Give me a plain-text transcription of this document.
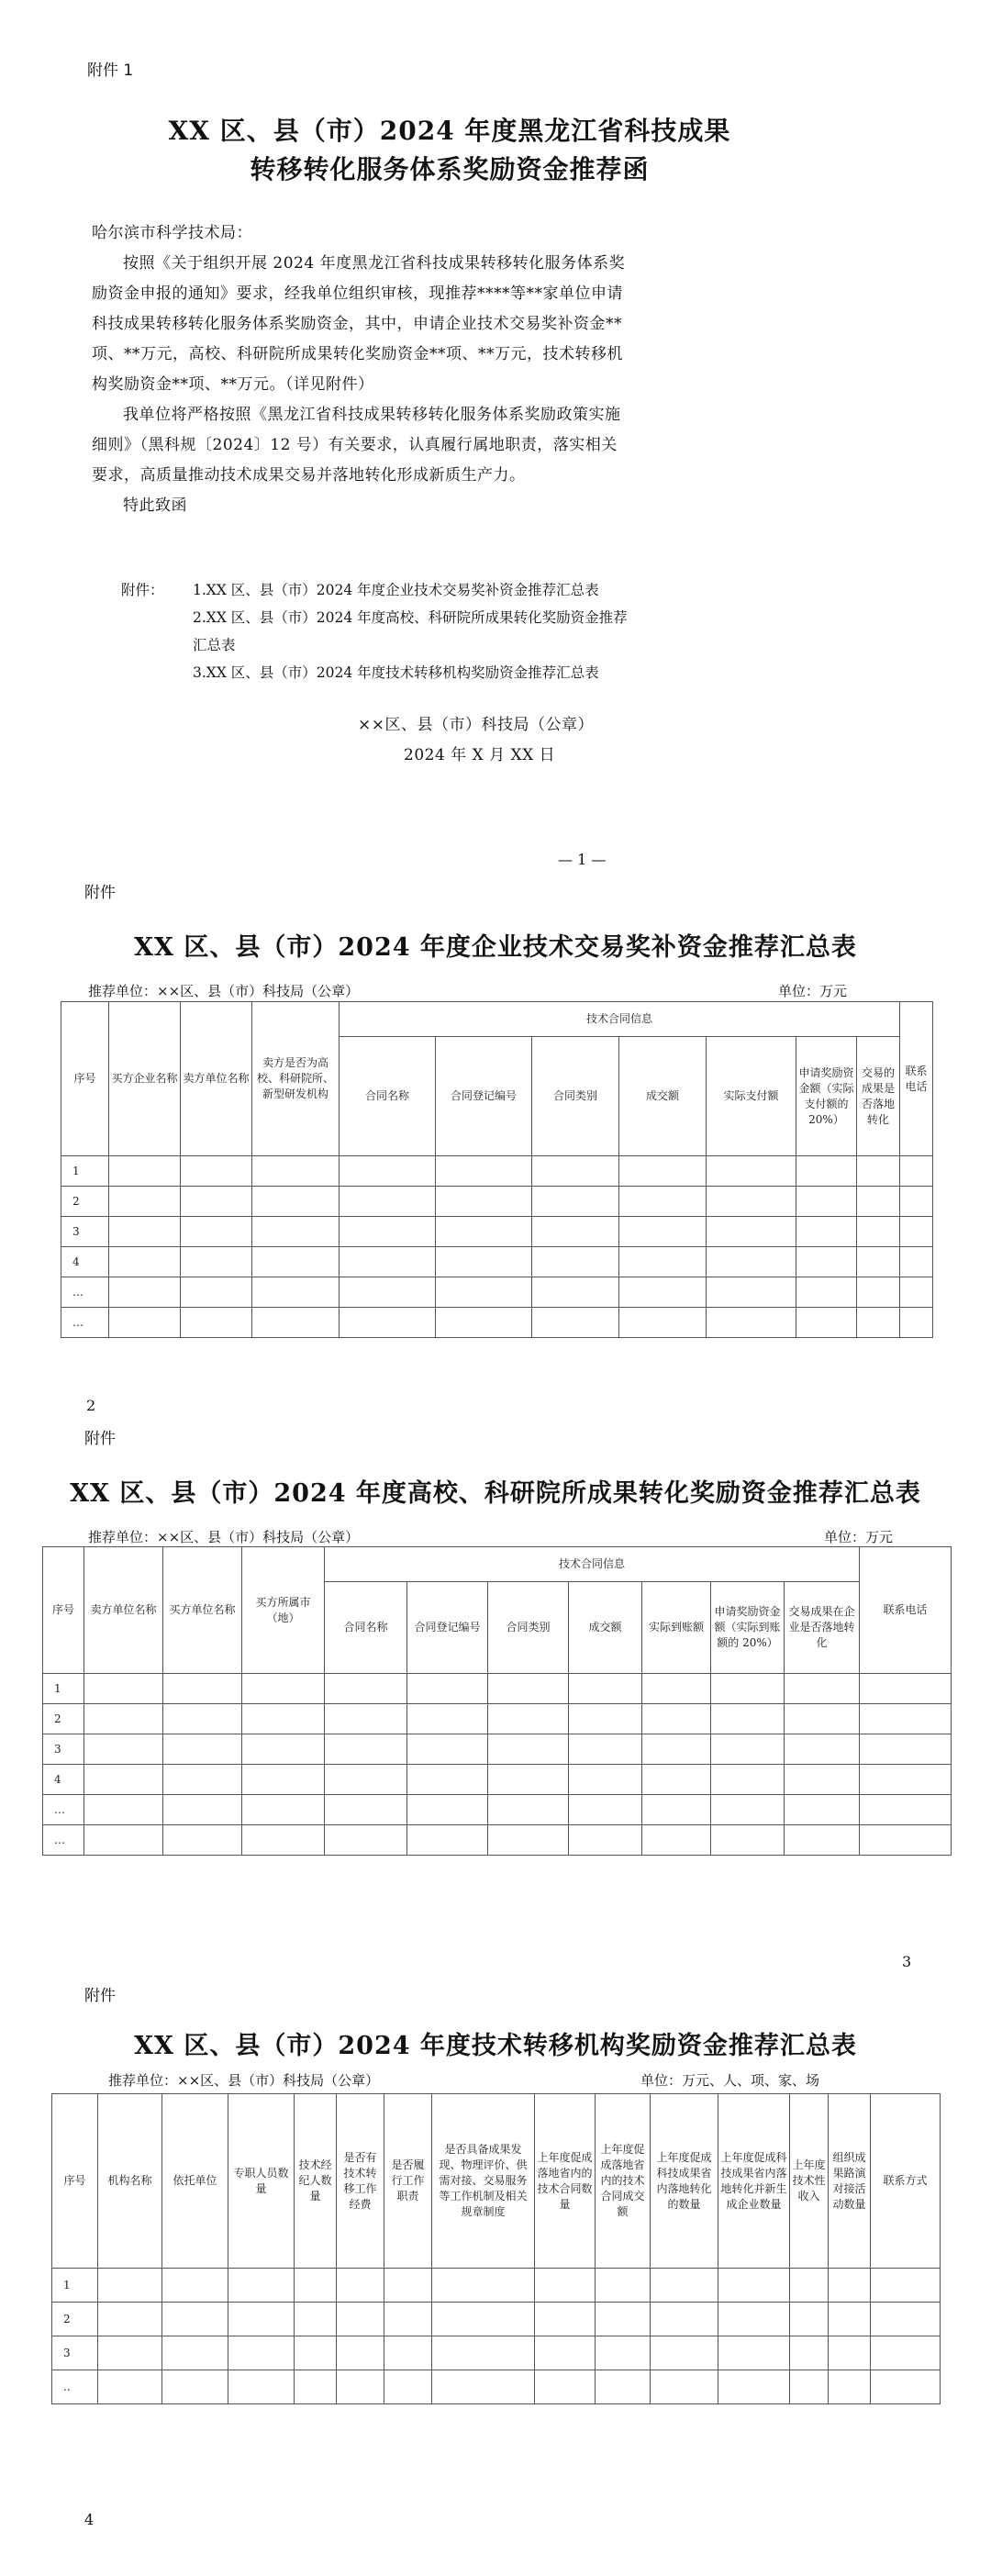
附件 1
XX 区、县（市）2024 年度黑龙江省科技成果
转移转化服务体系奖励资金推荐函

哈尔滨市科学技术局：

按照《关于组织开展 2024 年度黑龙江省科技成果转移转化服务体系奖励资金申报的通知》要求，经我单位组织审核，现推荐****等**家单位申请科技成果转移转化服务体系奖励资金，其中，申请企业技术交易奖补资金**项、**万元，高校、科研院所成果转化奖励资金**项、**万元，技术转移机构奖励资金**项、**万元。（详见附件）

我单位将严格按照《黑龙江省科技成果转移转化服务体系奖励政策实施细则》（黑科规〔2024〕12 号）有关要求，认真履行属地职责，落实相关要求，高质量推动技术成果交易并落地转化形成新质生产力。

特此致函

附件：	1.XX 区、县（市）2024 年度企业技术交易奖补资金推荐汇总表
2.XX 区、县（市）2024 年度高校、科研院所成果转化奖励资金推荐汇总表
3.XX 区、县（市）2024 年度技术转移机构奖励资金推荐汇总表
××区、县（市）科技局（公章）
2024 年 X 月 XX 日
— 1 —
附件
XX 区、县（市）2024 年度企业技术交易奖补资金推荐汇总表
推荐单位：××区、县（市）科技局（公章）	单位：万元
序号	买方企业名称	卖方单位名称	卖方是否为高校、科研院所、新型研发机构	技术合同信息							联系电话
				合同名称	合同登记编号	合同类别	成交额	实际支付额	申请奖励资金额（实际支付额的 20%）	交易的成果是否落地转化	
1											
2											
3											
4											
…											
…											
2
附件
XX 区、县（市）2024 年度高校、科研院所成果转化奖励资金推荐汇总表
推荐单位：××区、县（市）科技局（公章）	单位：万元
序号	卖方单位名称	买方单位名称	买方所属市（地）	技术合同信息							联系电话
				合同名称	合同登记编号	合同类别	成交额	实际到账额	申请奖励资金额（实际到账额的 20%）	交易成果在企业是否落地转化	
1											
2											
3											
4											
…											
…											
3
附件
XX 区、县（市）2024 年度技术转移机构奖励资金推荐汇总表
推荐单位：××区、县（市）科技局（公章）	单位：万元、人、项、家、场
序号	机构名称	依托单位	专职人员数量	技术经纪人数量	是否有技术转移工作经费	是否履行工作职责	是否具备成果发现、物理评价、供需对接、交易服务等工作机制及相关规章制度	上年度促成落地省内的技术合同数量	上年度促成落地省内的技术合同成交额	上年度促成科技成果省内落地转化的数量	上年度促成科技成果省内落地转化并新生成企业数量	上年度技术性收入	组织成果路演对接活动数量	联系方式
1														
2														
3														
..														
4
